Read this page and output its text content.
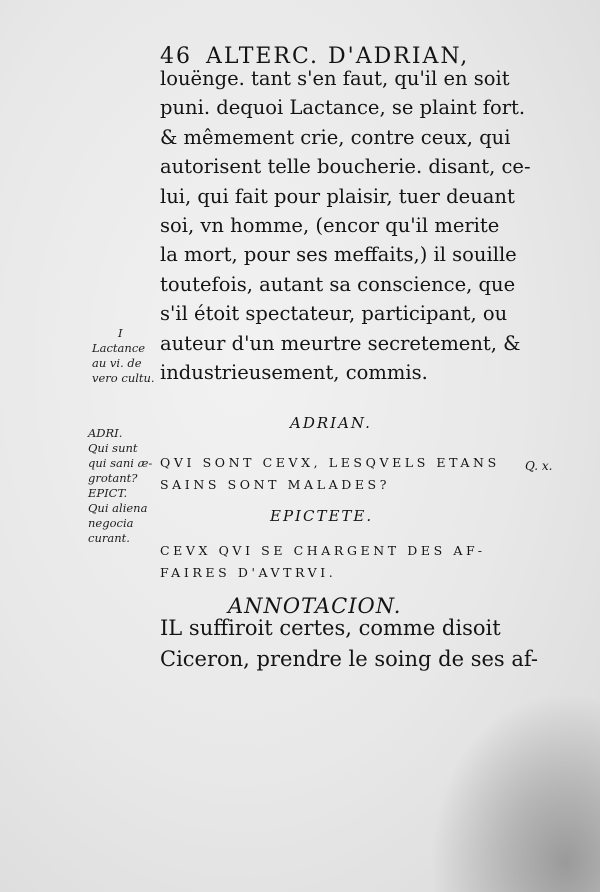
46 ALTERC. D'ADRIAN,
louënge. tant s'en faut, qu'il en soit
puni. dequoi Lactance, se plaint fort.
& mêmement crie, contre ceux, qui
autorisent telle boucherie. disant, ce-
lui, qui fait pour plaisir, tuer deuant
soi, vn homme, (encor qu'il merite
la mort, pour ses meffaits,) il souille
toutefois, autant sa conscience, que
s'il étoit spectateur, participant, ou
auteur d'un meurtre secretement, &
industrieusement, commis.
ADRIAN.
QVI SONT CEVX, LESQVELS ETANS
SAINS SONT MALADES?
EPICTETE.
CEVX QVI SE CHARGENT DES AF-
FAIRES D'AVTRVI.
ANNOTACION.
IL suffiroit certes, comme disoit
Ciceron, prendre le soing de ses af-
I
Lactance
au vi. de
vero cultu.
ADRI.
Qui sunt
qui sani æ-
grotant?
EPICT.
Qui aliena
negocia
curant.
Q. x.
